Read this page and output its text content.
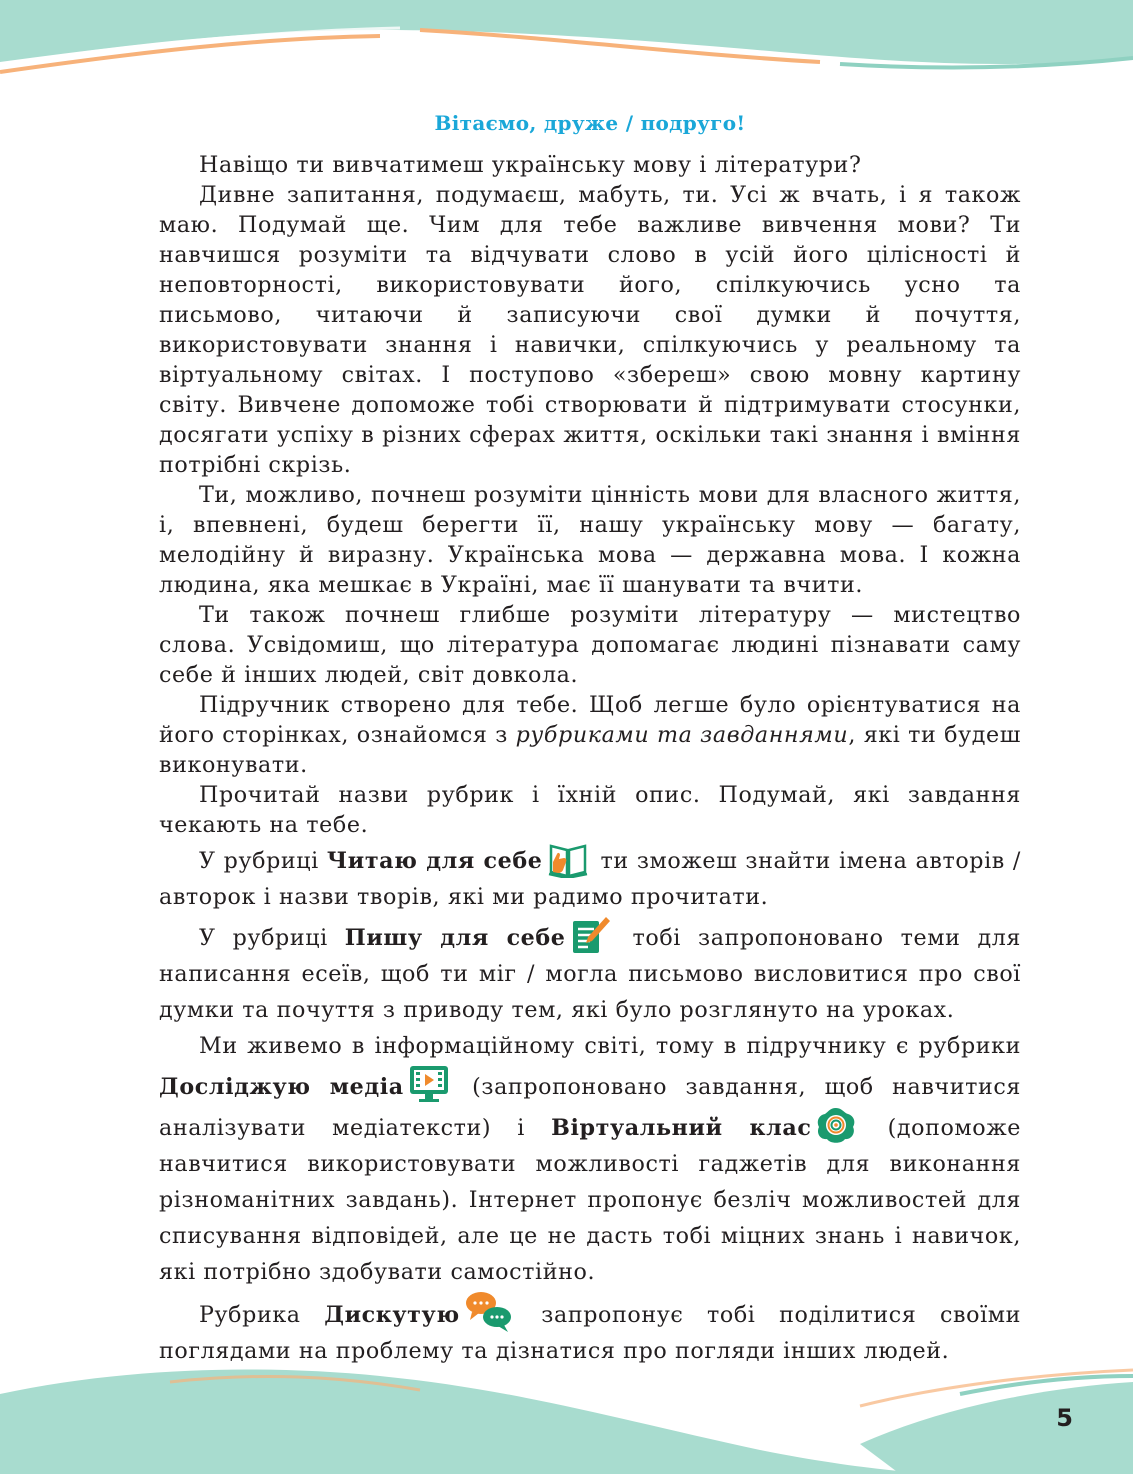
Вітаємо, друже / подруго!

Навіщо ти вивчатимеш українську мову і літератури?

Дивне запитання, подумаєш, мабуть, ти. Усі ж вчать, і я також маю. Подумай ще. Чим для тебе важливе вивчення мови? Ти навчишся розуміти та відчувати слово в усій його цілісності й неповторності, використовувати його, спілкуючись усно та письмово, читаючи й записуючи свої думки й почуття, використовувати знання і навички, спілкуючись у реальному та віртуальному світах. І поступово «збереш» свою мовну картину світу. Вивчене допоможе тобі створювати й підтримувати стосунки, досягати успіху в різних сферах життя, оскільки такі знання і вміння потрібні скрізь.

Ти, можливо, почнеш розуміти цінність мови для власного життя, і, впевнені, будеш берегти її, нашу українську мову — багату, мелодійну й виразну. Українська мова — державна мова. І кожна людина, яка мешкає в Україні, має її шанувати та вчити.

Ти також почнеш глибше розуміти літературу — мистецтво слова. Усвідомиш, що література допомагає людині пізнавати саму себе й інших людей, світ довкола.

Підручник створено для тебе. Щоб легше було орієнтуватися на його сторінках, ознайомся з рубриками та завданнями, які ти будеш виконувати.

Прочитай назви рубрик і їхній опис. Подумай, які завдання чекають на тебе.

У рубриці Читаю для себе
ти зможеш знайти імена авторів / авторок і назви творів, які ми радимо прочитати.

У рубриці Пишу для себе
тобі запропоновано теми для написання есеїв, щоб ти міг / могла письмово висловитися про свої думки та почуття з приводу тем, які було розглянуто на уроках.

Ми живемо в інформаційному світі, тому в підручнику є рубрики Досліджую медіа
(запропоновано завдання, щоб навчитися аналізувати медіатексти) і Віртуальний клас
(допоможе навчитися використовувати можливості гаджетів для виконання різноманітних завдань). Інтернет пропонує безліч можливостей для списування відповідей, але це не дасть тобі міцних знань і навичок, які потрібно здобувати самостійно.

Рубрика Дискутую	запропонує тобі поділитися своїми поглядами на проблему та дізнатися про погляди інших людей.

5
